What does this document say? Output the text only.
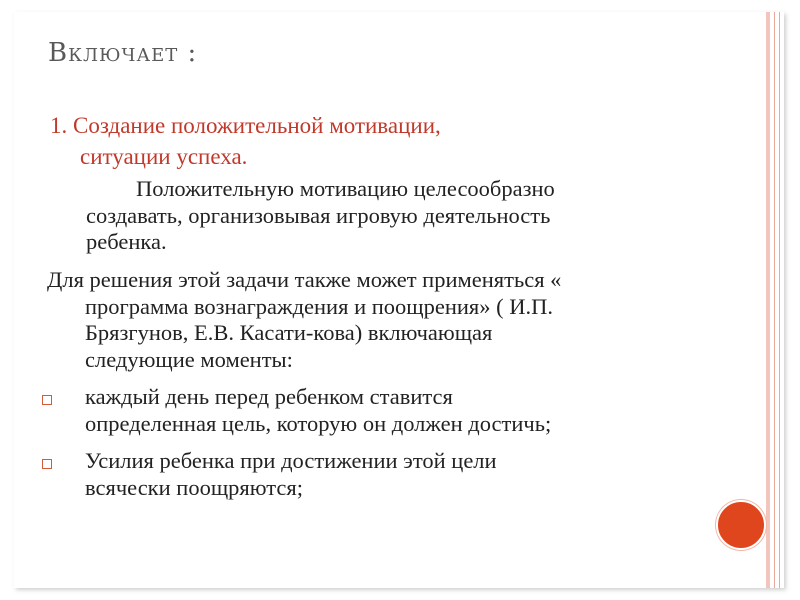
Включает :

1. Создание положительной мотивации,

ситуации успеха.

Положительную мотивацию целесообразно
создавать, организовывая игровую деятельность
ребенка.
Для решения этой задачи также может применяться «
программа вознаграждения и поощрения» ( И.П.
Брязгунов, Е.В. Касати-кова) включающая
следующие моменты:
каждый день перед ребенком ставится
определенная цель, которую он должен достичь;
Усилия ребенка при достижении этой цели
всячески поощряются;
